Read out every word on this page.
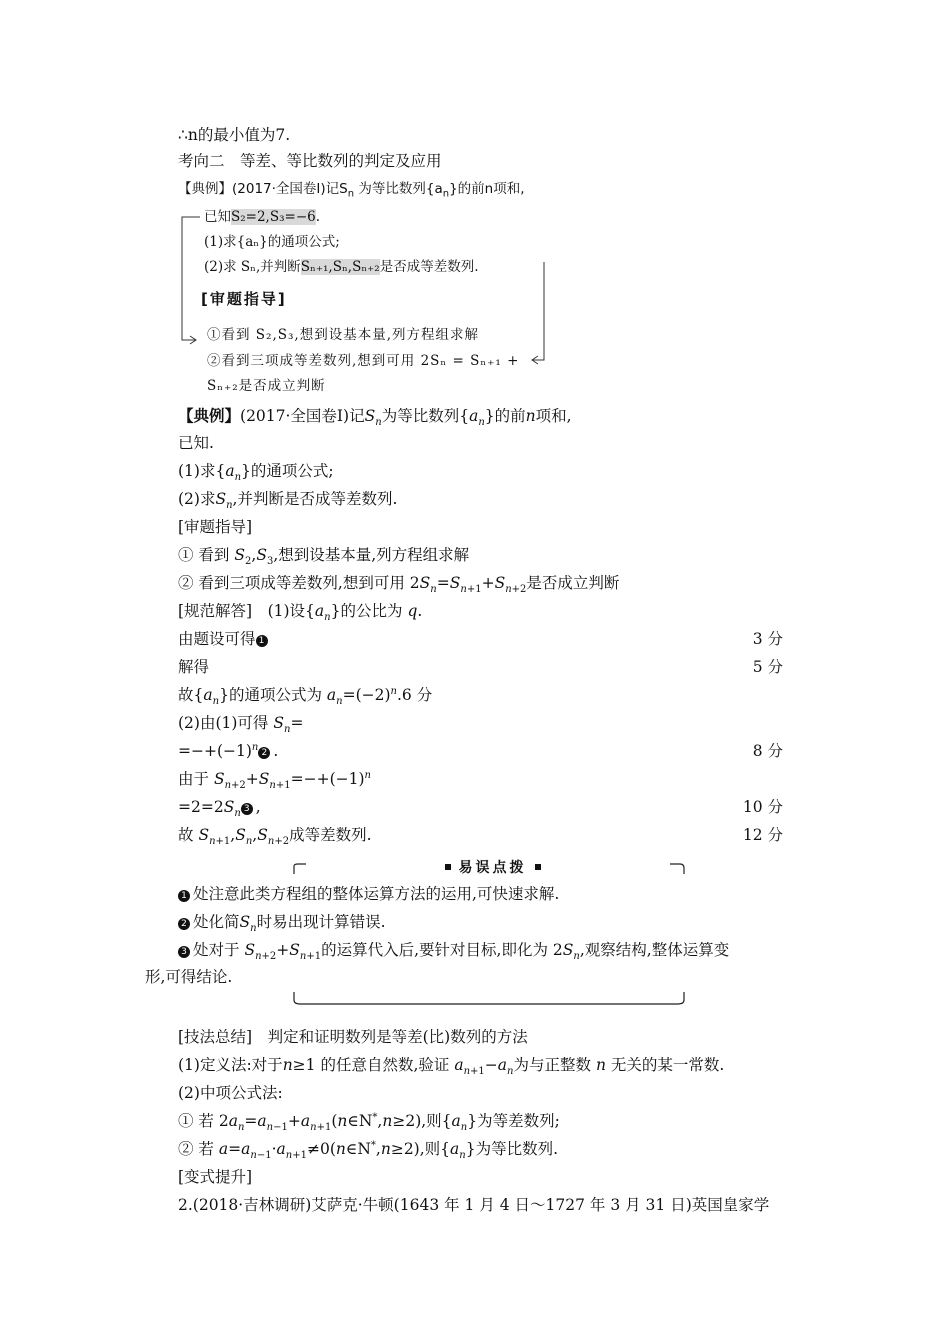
∴n的最小值为7.
考向二　等差、等比数列的判定及应用
【典例】(2017·全国卷Ⅰ)记$S_n$ 为等比数列$\{a_n\}$的前n项和,
已知S₂=2,S₃=−6.
(1)求{aₙ}的通项公式;
(2)求 Sₙ,并判断Sₙ₊₁,Sₙ,Sₙ₊₂是否成等差数列.
[审题指导]
①看到 S₂,S₃,想到设基本量,列方程组求解
②看到三项成等差数列,想到可用 2Sₙ = Sₙ₊₁ +
Sₙ₊₂是否成立判断
【典例】(2017·全国卷Ⅰ)记$S_n$为等比数列$\{a_n\}$的前n项和,
已知.
(1)求$\{a_n\}$的通项公式;
(2)求$S_n$,并判断是否成等差数列.
[审题指导]
① 看到 $S_2,S_3$,想到设基本量,列方程组求解
② 看到三项成等差数列,想到可用 $2S_n=S_{n+1}+S_{n+2}$是否成立判断
[规范解答]　(1)设$\{a_n\}$的公比为 q.
由题设可得 1	3 分
解得	5 分
故$\{a_n\}$的通项公式为 $a_n=(-2)^n.6$ 分
(2)由(1)可得 $S_n=$
$=-+(-1)^n2$ .	8 分
由于 $S_{n+2}+S_{n+1}=-+(-1)^n$
$=2=2S_n$ 3 ,	10 分
故 $S_{n+1},S_n,S_{n+2}$成等差数列.	12 分
易误点拨
1 处注意此类方程组的整体运算方法的运用,可快速求解.
2 处化简$S_n$时易出现计算错误.
3 处对于 $S_{n+2}+S_{n+1}$的运算代入后,要针对目标,即化为 $2S_n$,观察结构,整体运算变
形,可得结论.
[技法总结]　判定和证明数列是等差(比)数列的方法
(1)定义法:对于n≥1 的任意自然数,验证 $a_{n+1}-a_n$为与正整数 n 无关的某一常数.
(2)中项公式法:
① 若 $2a_n=a_{n-1}+a_{n+1}(n\in N^*,n\ge 2)$,则$\{a_n\}$为等差数列;
② 若 $a=a_{n-1}\cdot a_{n+1}\ne 0(n\in N^*,n\ge 2)$,则$\{a_n\}$为等比数列.
[变式提升]
2.(2018·吉林调研)艾萨克·牛顿(1643 年 1 月 4 日～1727 年 3 月 31 日)英国皇家学
